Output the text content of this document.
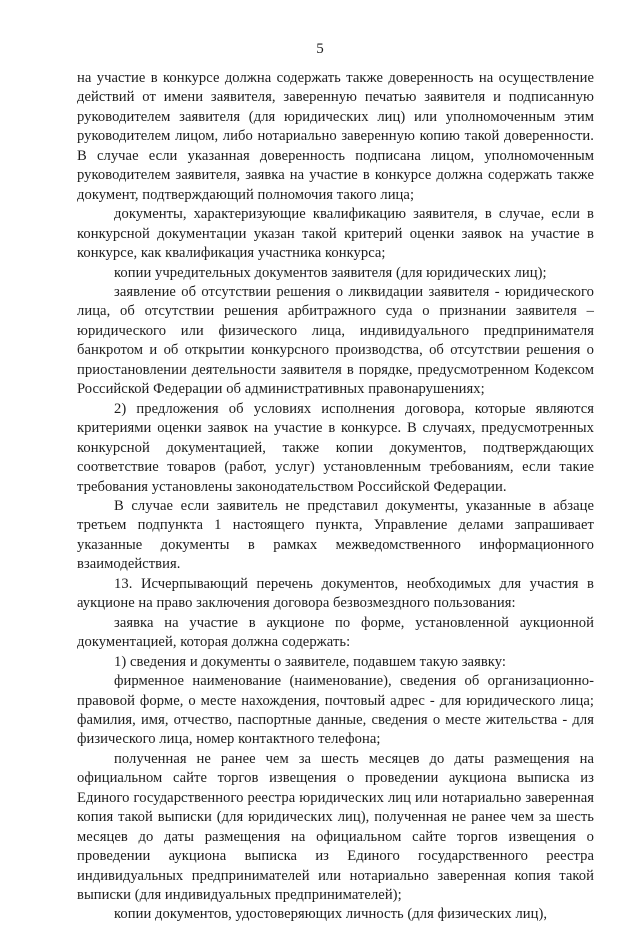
5

на участие в конкурсе должна содержать также доверенность на осуществление действий от имени заявителя, заверенную печатью заявителя и подписанную руководителем заявителя (для юридических лиц) или уполномоченным этим руководителем лицом, либо нотариально заверенную копию такой доверенности. В случае если указанная доверенность подписана лицом, уполномоченным руководителем заявителя, заявка на участие в конкурсе должна содержать также документ, подтверждающий полномочия такого лица;

документы, характеризующие квалификацию заявителя, в случае, если в конкурсной документации указан такой критерий оценки заявок на участие в конкурсе, как квалификация участника конкурса;

копии учредительных документов заявителя (для юридических лиц);

заявление об отсутствии решения о ликвидации заявителя - юридического лица, об отсутствии решения арбитражного суда о признании заявителя – юридического или физического лица, индивидуального предпринимателя банкротом и об открытии конкурсного производства, об отсутствии решения о приостановлении деятельности заявителя в порядке, предусмотренном Кодексом Российской Федерации об административных правонарушениях;

2) предложения об условиях исполнения договора, которые являются критериями оценки заявок на участие в конкурсе. В случаях, предусмотренных конкурсной документацией, также копии документов, подтверждающих соответствие товаров (работ, услуг) установленным требованиям, если такие требования установлены законодательством Российской Федерации.

В случае если заявитель не представил документы, указанные в абзаце третьем подпункта 1 настоящего пункта, Управление делами запрашивает указанные документы в рамках межведомственного информационного взаимодействия.

13. Исчерпывающий перечень документов, необходимых для участия в аукционе на право заключения договора безвозмездного пользования:

заявка на участие в аукционе по форме, установленной аукционной документацией, которая должна содержать:

1) сведения и документы о заявителе, подавшем такую заявку:

фирменное наименование (наименование), сведения об организационно-правовой форме, о месте нахождения, почтовый адрес - для юридического лица; фамилия, имя, отчество, паспортные данные, сведения о месте жительства - для физического лица, номер контактного телефона;

полученная не ранее чем за шесть месяцев до даты размещения на официальном сайте торгов извещения о проведении аукциона выписка из Единого государственного реестра юридических лиц или нотариально заверенная копия такой выписки (для юридических лиц), полученная не ранее чем за шесть месяцев до даты размещения на официальном сайте торгов извещения о проведении аукциона выписка из Единого государственного реестра индивидуальных предпринимателей или нотариально заверенная копия такой выписки (для индивидуальных предпринимателей);

копии документов, удостоверяющих личность (для физических лиц),
